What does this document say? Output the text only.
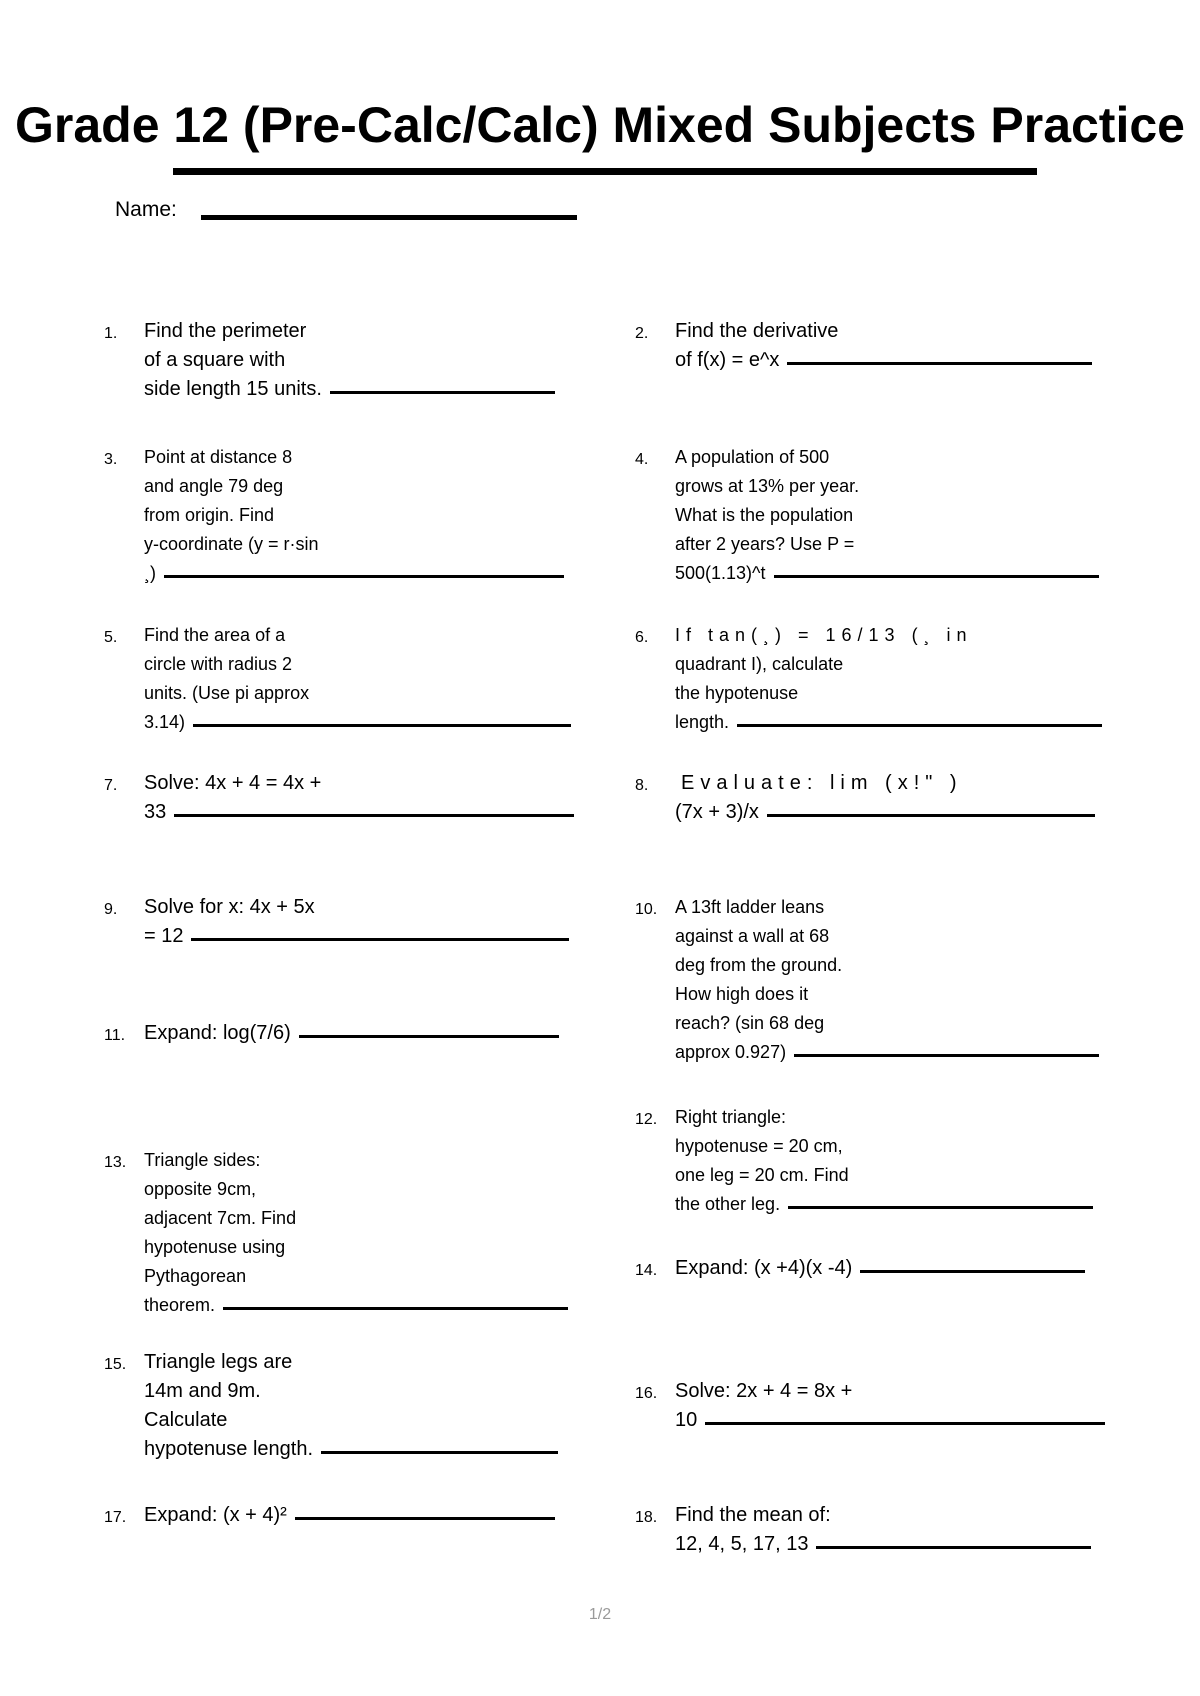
Grade 12 (Pre-Calc/Calc) Mixed Subjects Practice
Name:
1.	Find the perimeter
of a square with
side length 15 units.
2.	Find the derivative
of f(x) = e^x
3.	Point at distance 8
and angle 79 deg
from origin. Find
y-coordinate (y = r·sin
¸)
4.	A population of 500
grows at 13% per year.
What is the population
after 2 years? Use P =
500(1.13)^t
5.	Find the area of a
circle with radius 2
units. (Use pi approx
3.14)
6.	If tan(¸) = 16/13 (¸ in
quadrant I), calculate
the hypotenuse
length.
7.	Solve: 4x + 4 = 4x +
33
8.	Evaluate: lim (x!" )
(7x + 3)/x
9.	Solve for x: 4x + 5x
= 12
10. A 13ft ladder leans
against a wall at 68
deg from the ground.
How high does it
reach? (sin 68 deg
approx 0.927)
11. Expand: log(7/6)
12. Right triangle:
hypotenuse = 20 cm,
one leg = 20 cm. Find
the other leg.
13. Triangle sides:
opposite 9cm,
adjacent 7cm. Find
hypotenuse using
Pythagorean
theorem.
14. Expand: (x +4)(x -4)
15. Triangle legs are
14m and 9m.
Calculate
hypotenuse length.
16. Solve: 2x + 4 = 8x +
10
17. Expand: (x + 4)²	18. Find the mean of:
12, 4, 5, 17, 13
1/2
